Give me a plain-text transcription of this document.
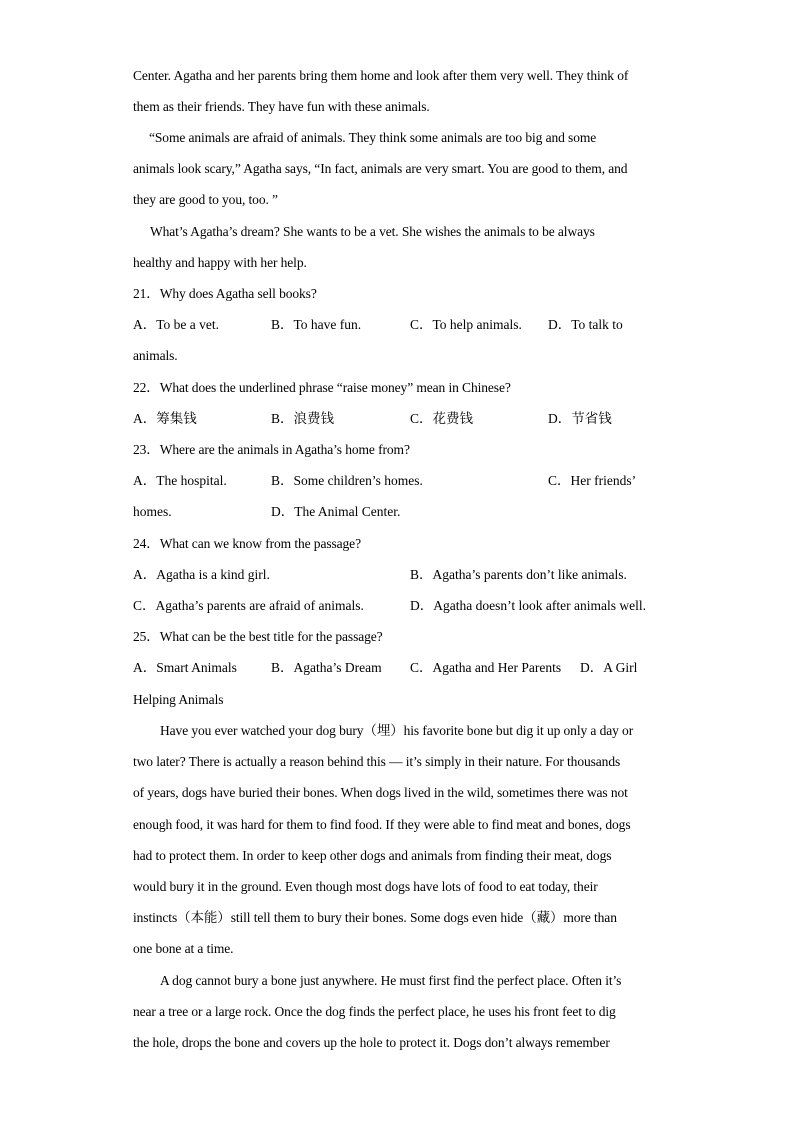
Center. Agatha and her parents bring them home and look after them very well. They think of
them as their friends. They have fun with these animals.
“Some animals are afraid of animals. They think some animals are too big and some
animals look scary,” Agatha says, “In fact, animals are very smart. You are good to them, and
they are good to you, too. ”
What’s Agatha’s dream? She wants to be a vet. She wishes the animals to be always
healthy and happy with her help.
21．Why does Agatha sell books?
A．To be a vet.	B．To have fun.	C．To help animals. D．To talk to
animals.
22．What does the underlined phrase “raise money” mean in Chinese?
A．筹集钱	B．浪费钱	C．花费钱	D．节省钱
23．Where are the animals in Agatha’s home from?
A．The hospital.	B．Some children’s homes.	C．Her friends’
homes.	D．The Animal Center.
24．What can we know from the passage?
A．Agatha is a kind girl.	B．Agatha’s parents don’t like animals.
C．Agatha’s parents are afraid of animals.	D．Agatha doesn’t look after animals well.
25．What can be the best title for the passage?
A．Smart Animals	B．Agatha’s Dream C．Agatha and Her Parents D．A Girl
Helping Animals
Have you ever watched your dog bury（埋）his favorite bone but dig it up only a day or
two later? There is actually a reason behind this — it’s simply in their nature. For thousands
of years, dogs have buried their bones. When dogs lived in the wild, sometimes there was not
enough food, it was hard for them to find food. If they were able to find meat and bones, dogs
had to protect them. In order to keep other dogs and animals from finding their meat, dogs
would bury it in the ground. Even though most dogs have lots of food to eat today, their
instincts（本能）still tell them to bury their bones. Some dogs even hide（藏）more than
one bone at a time.
A dog cannot bury a bone just anywhere. He must first find the perfect place. Often it’s
near a tree or a large rock. Once the dog finds the perfect place, he uses his front feet to dig
the hole, drops the bone and covers up the hole to protect it. Dogs don’t always remember
